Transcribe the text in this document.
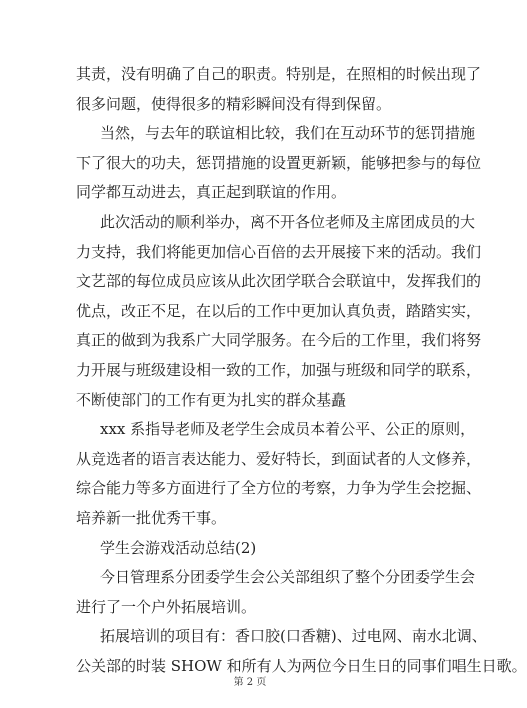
其责，没有明确了自己的职责。特别是，在照相的时候出现了
很多问题，使得很多的精彩瞬间没有得到保留。
当然，与去年的联谊相比较，我们在互动环节的惩罚措施
下了很大的功夫，惩罚措施的设置更新颖，能够把参与的每位
同学都互动进去，真正起到联谊的作用。
此次活动的顺利举办，离不开各位老师及主席团成员的大
力支持，我们将能更加信心百倍的去开展接下来的活动。我们
文艺部的每位成员应该从此次团学联合会联谊中，发挥我们的
优点，改正不足，在以后的工作中更加认真负责，踏踏实实，
真正的做到为我系广大同学服务。在今后的工作里，我们将努
力开展与班级建设相一致的工作，加强与班级和同学的联系，
不断使部门的工作有更为扎实的群众基矗
xxx 系指导老师及老学生会成员本着公平、公正的原则，
从竞选者的语言表达能力、爱好特长，到面试者的人文修养，
综合能力等多方面进行了全方位的考察，力争为学生会挖掘、
培养新一批优秀干事。
学生会游戏活动总结(2)
今日管理系分团委学生会公关部组织了整个分团委学生会
进行了一个户外拓展培训。
拓展培训的项目有：香口胶(口香糖)、过电网、南水北调、
公关部的时装 SHOW 和所有人为两位今日生日的同事们唱生日歌。
第 2 页
